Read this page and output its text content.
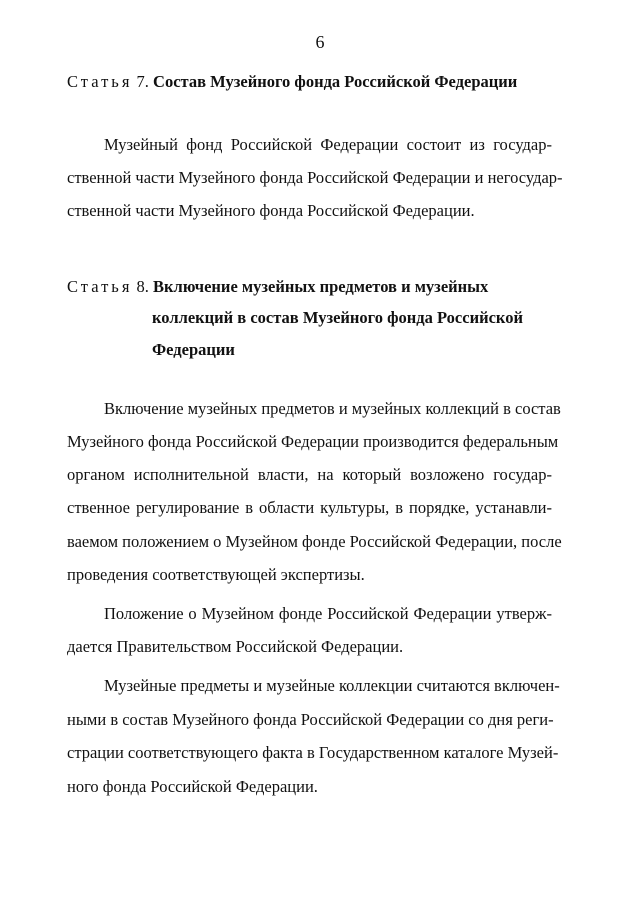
6
Статья 7. Состав Музейного фонда Российской Федерации
Музейный фонд Российской Федерации состоит из государ-
ственной части Музейного фонда Российской Федерации и негосудар-
ственной части Музейного фонда Российской Федерации.
Статья 8. Включение музейных предметов и музейных
коллекций в состав Музейного фонда Российской
Федерации
Включение музейных предметов и музейных коллекций в состав
Музейного фонда Российской Федерации производится федеральным
органом исполнительной власти, на который возложено государ-
ственное регулирование в области культуры, в порядке, устанавли-
ваемом положением о Музейном фонде Российской Федерации, после
проведения соответствующей экспертизы.
Положение о Музейном фонде Российской Федерации утверж-
дается Правительством Российской Федерации.
Музейные предметы и музейные коллекции считаются включен-
ными в состав Музейного фонда Российской Федерации со дня реги-
страции соответствующего факта в Государственном каталоге Музей-
ного фонда Российской Федерации.
